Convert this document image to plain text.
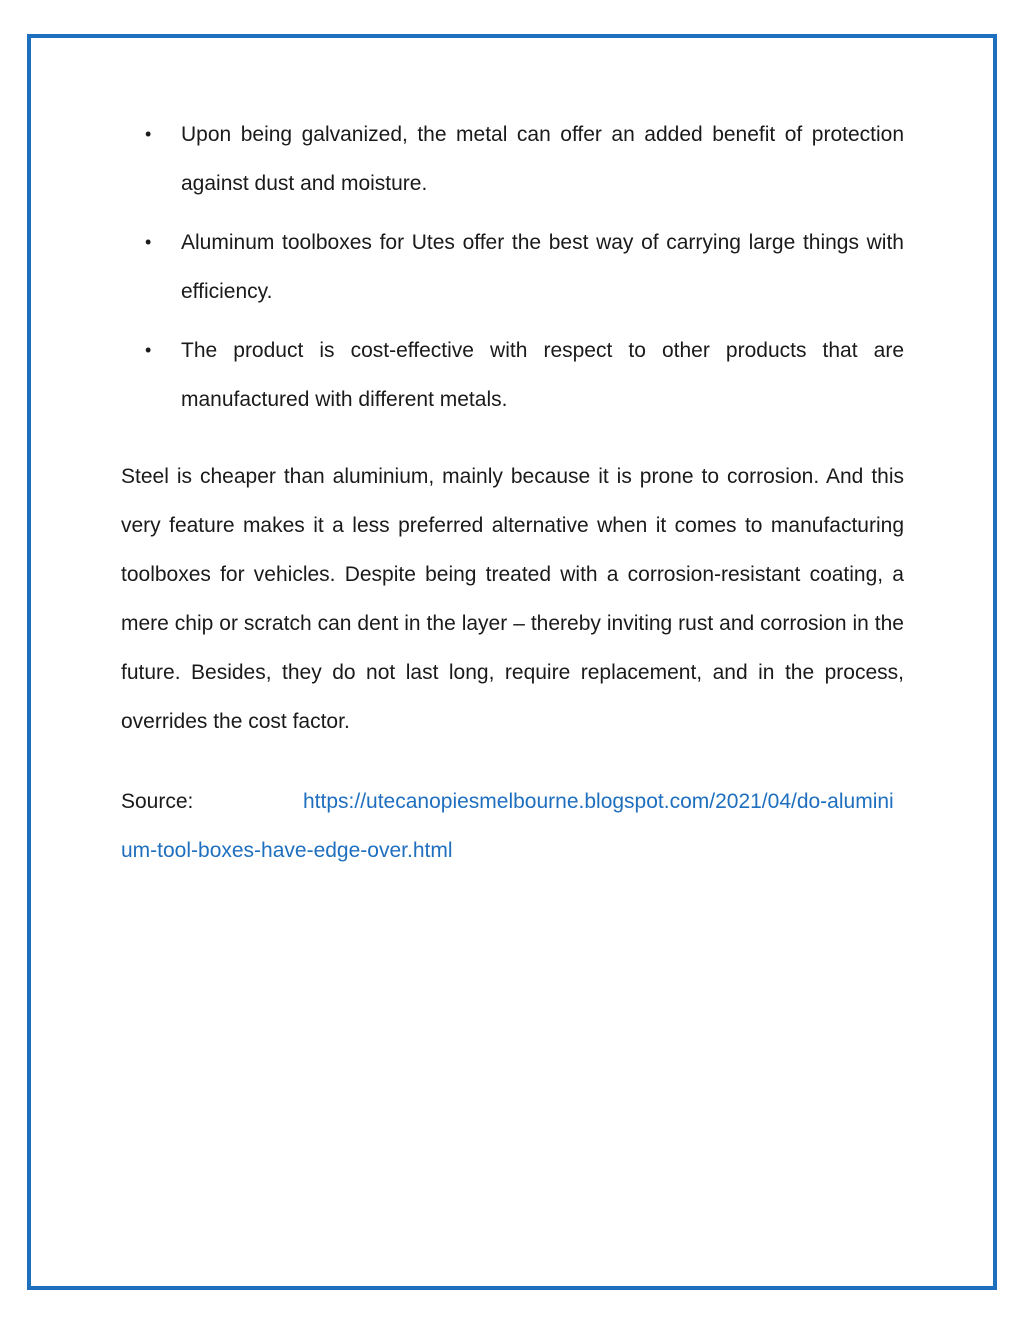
• Upon being galvanized, the metal can offer an added benefit of protection against dust and moisture.
• Aluminum toolboxes for Utes offer the best way of carrying large things with efficiency.
• The product is cost-effective with respect to other products that are manufactured with different metals.

Steel is cheaper than aluminium, mainly because it is prone to corrosion. And this very feature makes it a less preferred alternative when it comes to manufacturing toolboxes for vehicles. Despite being treated with a corrosion-resistant coating, a mere chip or scratch can dent in the layer – thereby inviting rust and corrosion in the future. Besides, they do not last long, require replacement, and in the process, overrides the cost factor.

Source:	https://utecanopiesmelbourne.blogspot.com/2021/04/do-aluminium-tool-boxes-have-edge-over.html
